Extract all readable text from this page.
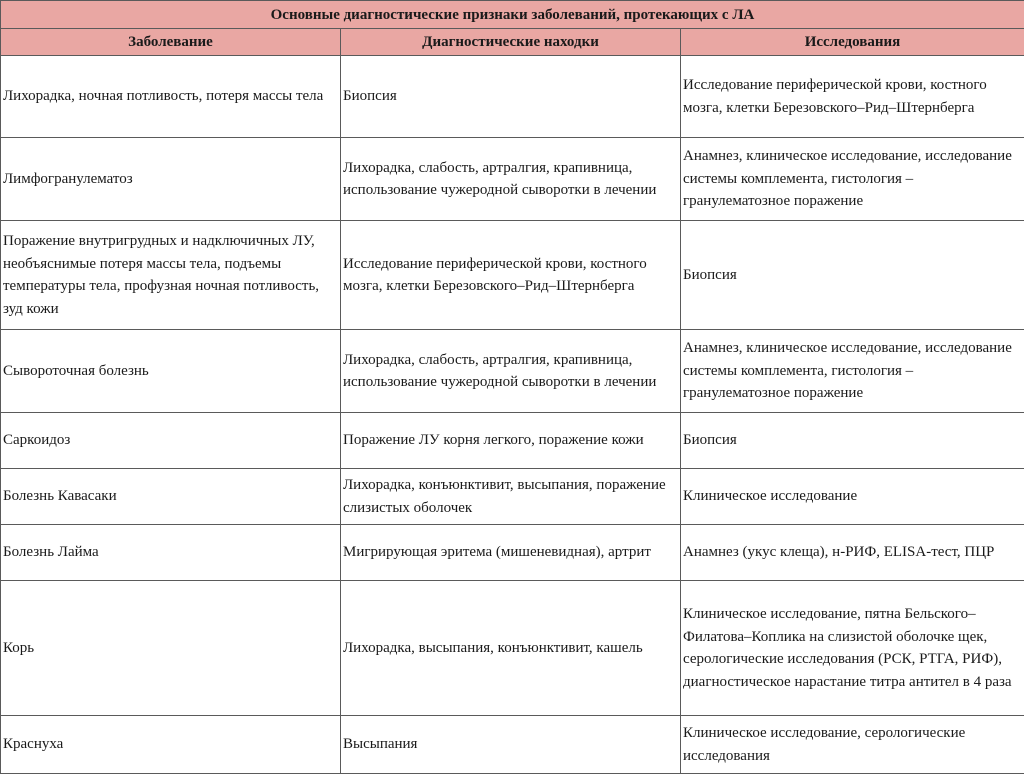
Основные диагностические признаки заболеваний, протекающих с ЛА		
Заболевание	Диагностические находки	Исследования
Лихорадка, ночная потливость, потеря массы тела	Биопсия	Исследование периферической крови, костного мозга, клетки Березовского–Рид–Штернберга
Лимфогранулематоз	Лихорадка, слабость, артралгия, крапивница, использование чужеродной сыворотки в лечении	Анамнез, клиническое исследование, исследование системы комплемента, гистология – гранулематозное поражение
Поражение внутригрудных и надключичных ЛУ, необъяснимые потеря массы тела, подъемы температуры тела, профузная ночная потливость, зуд кожи	Исследование периферической крови, костного мозга, клетки Березовского–Рид–Штернберга	Биопсия
Сывороточная болезнь	Лихорадка, слабость, артралгия, крапивница, использование чужеродной сыворотки в лечении	Анамнез, клиническое исследование, исследование системы комплемента, гистология – гранулематозное поражение
Саркоидоз	Поражение ЛУ корня легкого, поражение кожи	Биопсия
Болезнь Кавасаки	Лихорадка, конъюнктивит, высыпания, поражение слизистых оболочек	Клиническое исследование
Болезнь Лайма	Мигрирующая эритема (мишеневидная), артрит	Анамнез (укус клеща), н-РИФ, ELISA-тест, ПЦР
Корь	Лихорадка, высыпания, конъюнктивит, кашель	Клиническое исследование, пятна Бельского–Филатова–Коплика на слизистой оболочке щек, серологические исследования (РСК, РТГА, РИФ), диагностическое нарастание титра антител в 4 раза
Краснуха	Высыпания	Клиническое исследование, серологические исследования
